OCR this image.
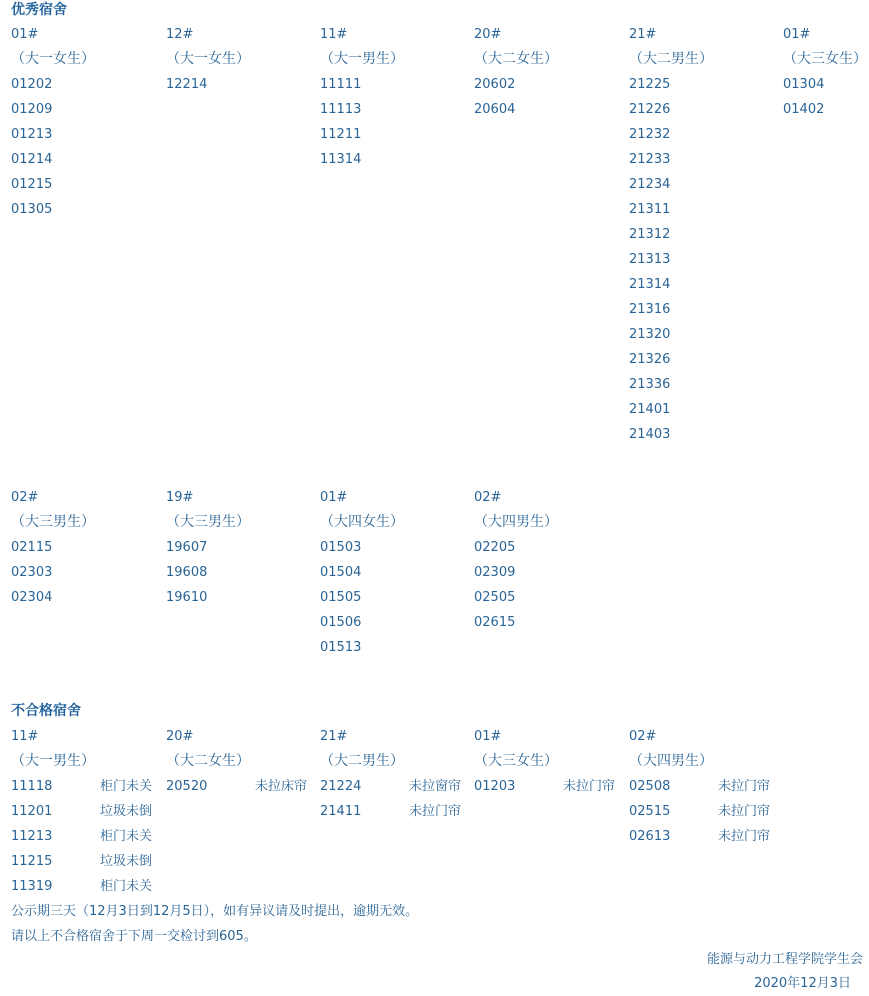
优秀宿舍
01#
（大一女生）
01202
01209
01213
01214
01215
01305
12#
（大一女生）
12214
11#
（大一男生）
11111
11113
11211
11314
20#
（大二女生）
20602
20604
21#
（大二男生）
21225
21226
21232
21233
21234
21311
21312
21313
21314
21316
21320
21326
21336
21401
21403
01#
（大三女生）
01304
01402
02#
（大三男生）
02115
02303
02304
19#
（大三男生）
19607
19608
19610
01#
（大四女生）
01503
01504
01505
01506
01513
02#
（大四男生）
02205
02309
02505
02615
不合格宿舍
11#
（大一男生）
11118	柜门未关
11201	垃圾未倒
11213	柜门未关
11215	垃圾未倒
11319	柜门未关
20#
（大二女生）
20520	未拉床帘
21#
（大二男生）
21224	未拉窗帘
21411	未拉门帘
01#
（大三女生）
01203	未拉门帘
02#
（大四男生）
02508	未拉门帘
02515	未拉门帘
02613	未拉门帘
公示期三天（12月3日到12月5日），如有异议请及时提出，逾期无效。
请以上不合格宿舍于下周一交检讨到605。
能源与动力工程学院学生会
2020年12月3日
